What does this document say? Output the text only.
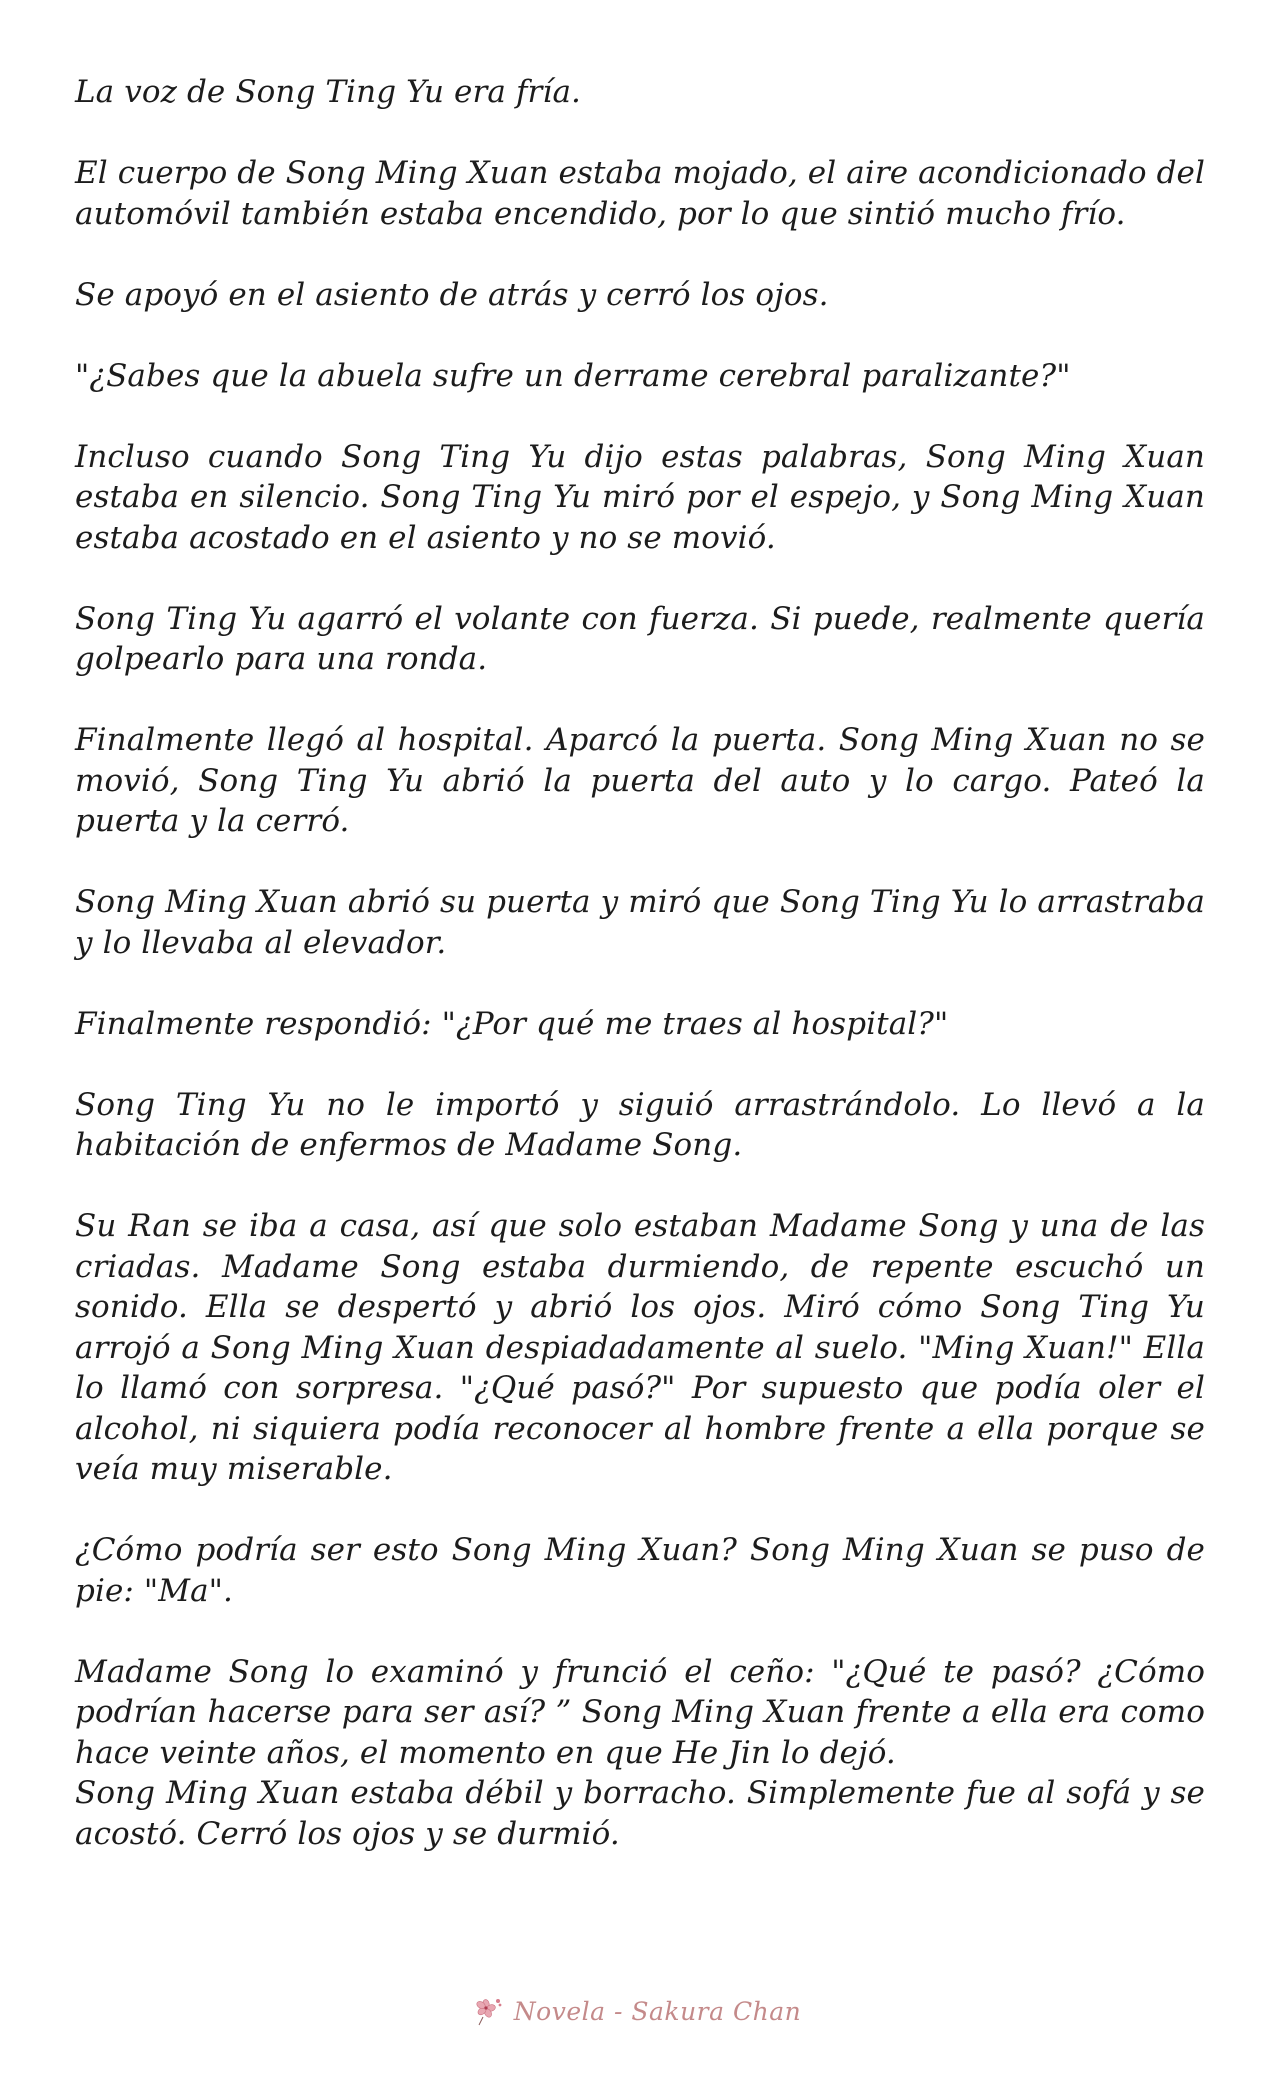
La voz de Song Ting Yu era fría.

El cuerpo de Song Ming Xuan estaba mojado, el aire acondicionado del automóvil también estaba encendido, por lo que sintió mucho frío.

Se apoyó en el asiento de atrás y cerró los ojos.

"¿Sabes que la abuela sufre un derrame cerebral paralizante?"

Incluso cuando Song Ting Yu dijo estas palabras, Song Ming Xuan estaba en silencio. Song Ting Yu miró por el espejo, y Song Ming Xuan estaba acostado en el asiento y no se movió.

Song Ting Yu agarró el volante con fuerza. Si puede, realmente quería golpearlo para una ronda.

Finalmente llegó al hospital. Aparcó la puerta. Song Ming Xuan no se movió, Song Ting Yu abrió la puerta del auto y lo cargo. Pateó la puerta y la cerró.

Song Ming Xuan abrió su puerta y miró que Song Ting Yu lo arrastraba y lo llevaba al elevador.

Finalmente respondió: "¿Por qué me traes al hospital?"

Song Ting Yu no le importó y siguió arrastrándolo. Lo llevó a la habitación de enfermos de Madame Song.

Su Ran se iba a casa, así que solo estaban Madame Song y una de las criadas. Madame Song estaba durmiendo, de repente escuchó un sonido. Ella se despertó y abrió los ojos. Miró cómo Song Ting Yu arrojó a Song Ming Xuan despiadadamente al suelo. "Ming Xuan!" Ella lo llamó con sorpresa. "¿Qué pasó?" Por supuesto que podía oler el alcohol, ni siquiera podía reconocer al hombre frente a ella porque se veía muy miserable.

¿Cómo podría ser esto Song Ming Xuan? Song Ming Xuan se puso de pie: "Ma".

Madame Song lo examinó y frunció el ceño: "¿Qué te pasó? ¿Cómo podrían hacerse para ser así? ” Song Ming Xuan frente a ella era como hace veinte años, el momento en que He Jin lo dejó.

Song Ming Xuan estaba débil y borracho. Simplemente fue al sofá y se acostó. Cerró los ojos y se durmió.

Novela - Sakura Chan
